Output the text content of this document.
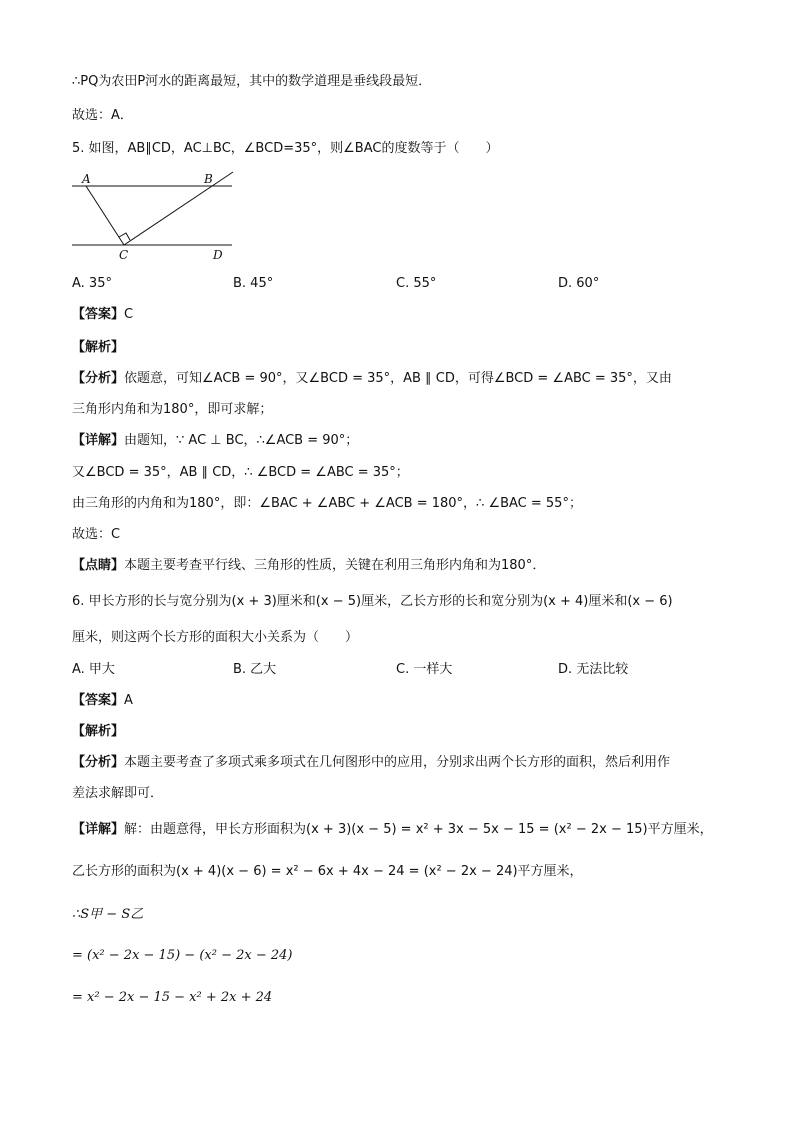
∴PQ为农田P河水的距离最短，其中的数学道理是垂线段最短．
故选：A．
5. 如图，AB∥CD，AC⊥BC，∠BCD=35°，则∠BAC的度数等于（　　）
A	B
C	D
A. 35°	B. 45°	C. 55°	D. 60°
【答案】C
【解析】
【分析】依题意，可知∠ACB = 90°，又∠BCD = 35°，AB ∥ CD，可得∠BCD = ∠ABC = 35°，又由
三角形内角和为180°，即可求解；
【详解】由题知，∵ AC ⊥ BC，∴∠ACB = 90°；
又∠BCD = 35°，AB ∥ CD，∴ ∠BCD = ∠ABC = 35°；
由三角形的内角和为180°，即：∠BAC + ∠ABC + ∠ACB = 180°，∴ ∠BAC = 55°；
故选：C
【点睛】本题主要考查平行线、三角形的性质，关键在利用三角形内角和为180°．
6. 甲长方形的长与宽分别为(x + 3)厘米和(x − 5)厘米，乙长方形的长和宽分别为(x + 4)厘米和(x − 6)
厘米，则这两个长方形的面积大小关系为（　　）
A. 甲大	B. 乙大	C. 一样大	D. 无法比较
【答案】A
【解析】
【分析】本题主要考查了多项式乘多项式在几何图形中的应用，分别求出两个长方形的面积，然后利用作
差法求解即可．
【详解】解：由题意得，甲长方形面积为(x + 3)(x − 5) = x² + 3x − 5x − 15 = (x² − 2x − 15)平方厘米，
乙长方形的面积为(x + 4)(x − 6) = x² − 6x + 4x − 24 = (x² − 2x − 24)平方厘米，
∴S甲 − S乙
= (x² − 2x − 15) − (x² − 2x − 24)
= x² − 2x − 15 − x² + 2x + 24
